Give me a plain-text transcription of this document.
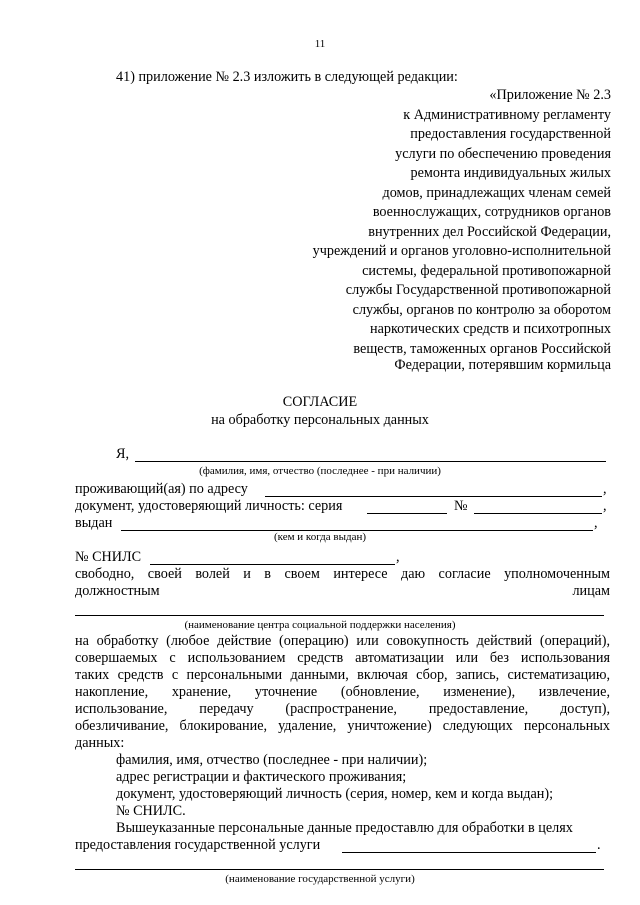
11
41) приложение № 2.3 изложить в следующей редакции:
«Приложение № 2.3
к Административному регламенту
предоставления государственной
услуги по обеспечению проведения
ремонта индивидуальных жилых
домов, принадлежащих членам семей
военнослужащих, сотрудников органов
внутренних дел Российской Федерации,
учреждений и органов уголовно-исполнительной
системы, федеральной противопожарной
службы Государственной противопожарной
службы, органов по контролю за оборотом
наркотических средств и психотропных
веществ, таможенных органов Российской
Федерации, потерявшим кормильца
СОГЛАСИЕ
на обработку персональных данных
Я,
(фамилия, имя, отчество (последнее - при наличии)
проживающий(ая) по адресу	,
документ, удостоверяющий личность: серия	№	,
выдан	,
(кем и когда выдан)
№ СНИЛС	,
свободно, своей волей и в своем интересе даю согласие уполномоченным
должностным	лицам
(наименование центра социальной поддержки населения)
на обработку (любое действие (операцию) или совокупность действий (операций),
совершаемых с использованием средств автоматизации или без использования
таких средств с персональными данными, включая сбор, запись, систематизацию,
накопление, хранение, уточнение (обновление, изменение), извлечение,
использование, передачу (распространение, предоставление, доступ),
обезличивание, блокирование, удаление, уничтожение) следующих персональных
данных:
фамилия, имя, отчество (последнее - при наличии);
адрес регистрации и фактического проживания;
документ, удостоверяющий личность (серия, номер, кем и когда выдан);
№ СНИЛС.
Вышеуказанные персональные данные предоставлю для обработки в целях
предоставления государственной услуги	.
(наименование государственной услуги)
